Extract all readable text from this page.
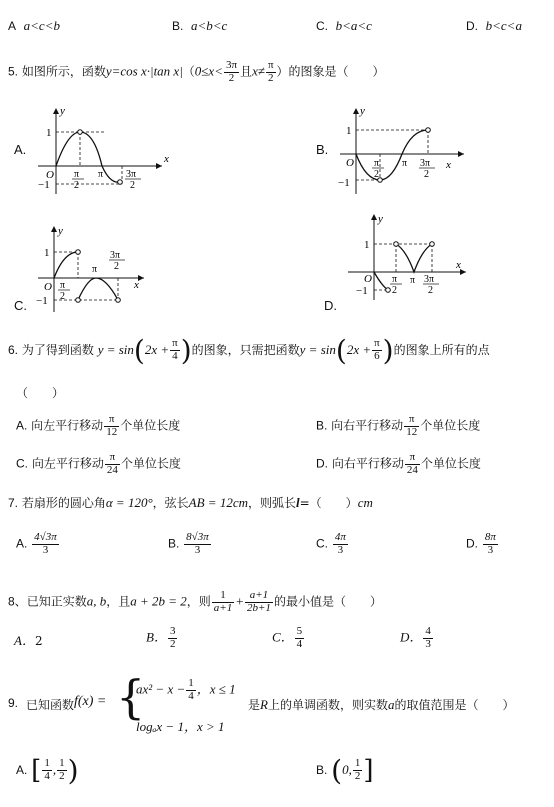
A a<c<b	B. a<b<c	C. b<a<c	D. b<c<a
5. 如图所示，函数y=cos x·|tan $x|(0\le x< \frac{3\pi}{2}$ 且$x\ne \frac{\pi}{2}$ ）的图象是（　　）
A.
y
x
1
O
−1
π
2
π 3π
2
B.
y
x
1
O
−1
π
2
π 3π
2
C.
y
x
1
O
−1
π
2
π
3π
2
D.
y
x
1
O
−1
π
2
π 3π
2
6. 为了得到函数 $y = \sin(2x + \frac{\pi}{4}$ )的图象，只需把函数$y = \sin(2x + \frac{\pi}{6}$ )的图象上所有的点
（　　）
A. 向左平行移动 $\frac{\pi}{12}$ 个单位长度	B. 向右平行移动 $\frac{\pi}{12}$ 个单位长度
C. 向左平行移动 $\frac{\pi}{24}$ 个单位长度	D. 向右平行移动 $\frac{\pi}{24}$ 个单位长度
7. 若扇形的圆心角α = 120°，弦长AB = 12cm，则弧长l=（　　）cm
A. $\frac{4√3\pi}{3}$	B. $\frac{8√3\pi}{3}$	C. $\frac{4\pi}{3}$	D. $\frac{8\pi}{3}$
8、已知正实数a, b，且a + 2b = 2，则 $\frac{1}{a+1} + \frac{a+1}{2b+1}$ 的最小值是（　　）
A．2	B． $\frac{3}{2}$	C． $\frac{5}{4}$	D． $\frac{4}{3}$
9. 已知函数 f(x) = {
$ax^2 - x - \frac{1}{4}$ ，x ≤ 1
logₐx − 1，x > 1
是R上的单调函数，则实数a的取值范围是（　　）
A. [ $\frac{1}{4}$ , $\frac{1}{2}$ )	B. (0, $\frac{1}{2}$ ]
